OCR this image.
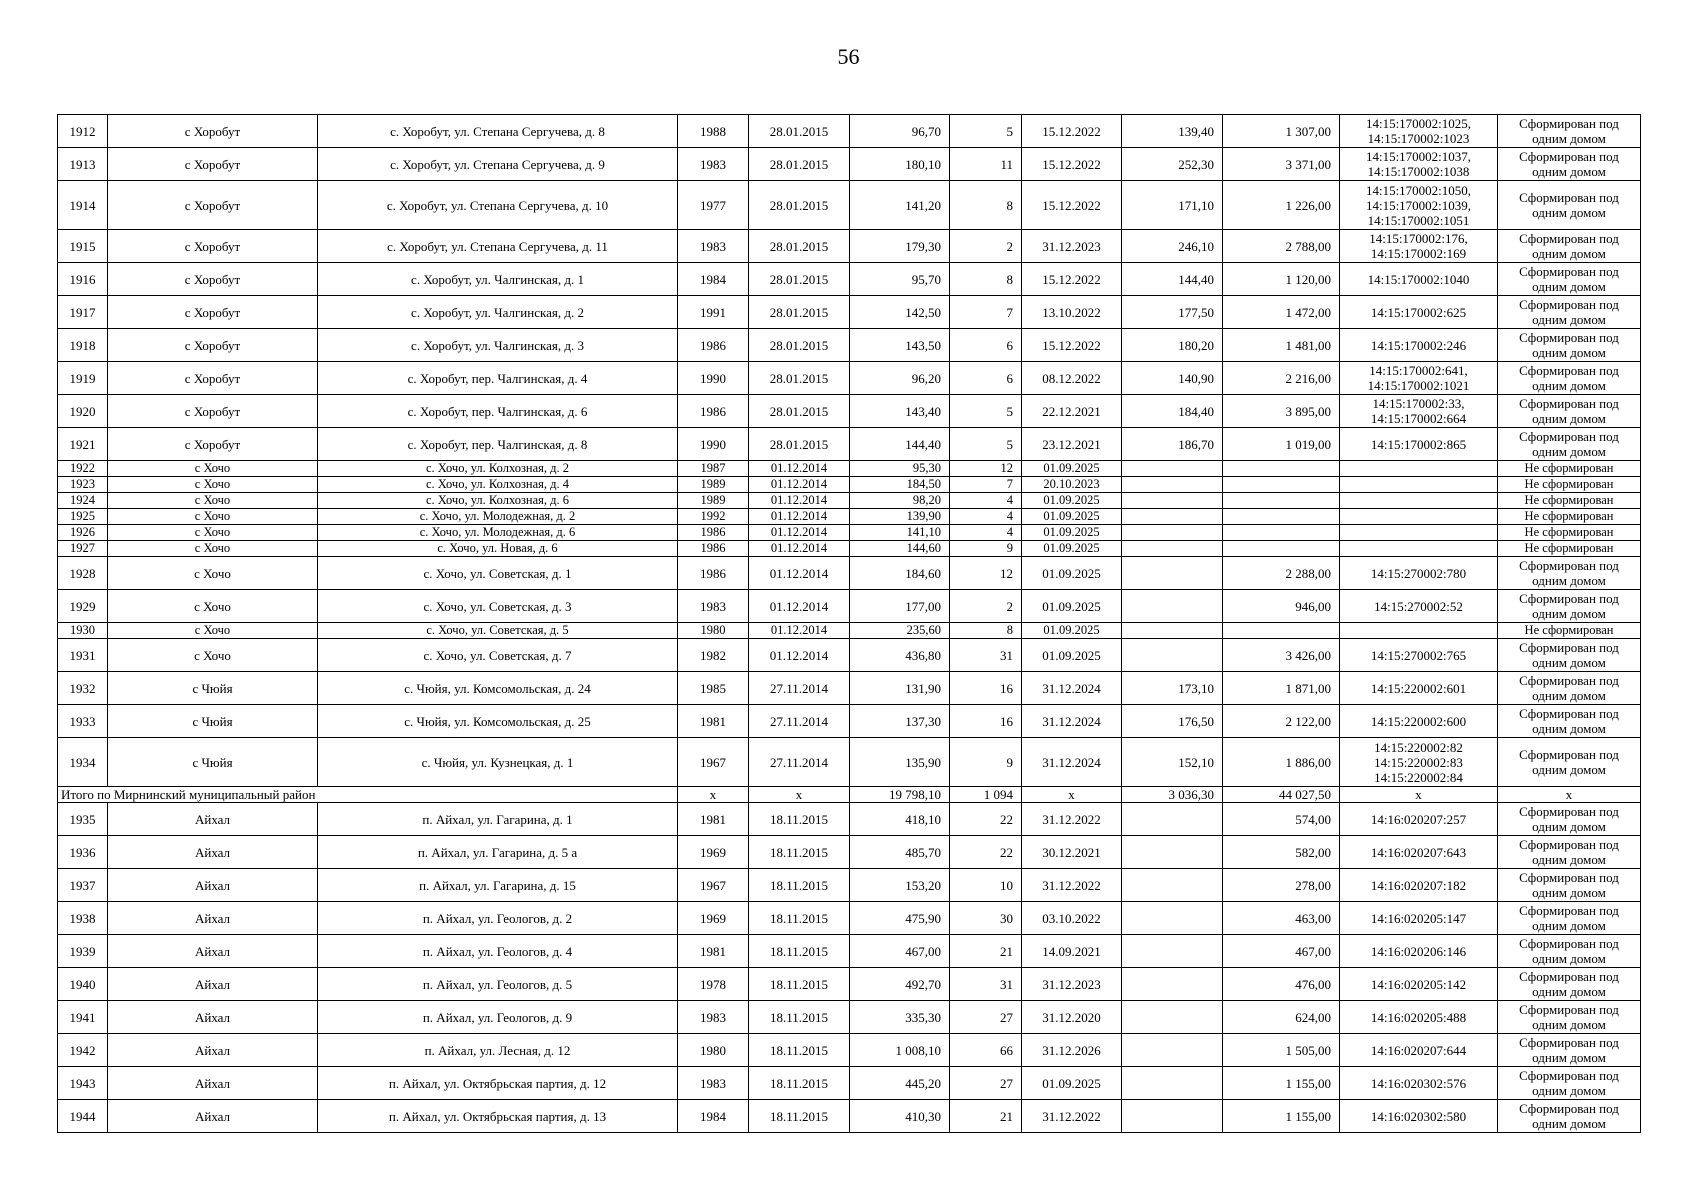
56
1912	с Хоробут	с. Хоробут, ул. Степана Сергучева, д. 8	1988	28.01.2015	96,70	5	15.12.2022	139,40	1 307,00	14:15:170002:1025, 14:15:170002:1023	Сформирован под одним домом
1913	с Хоробут	с. Хоробут, ул. Степана Сергучева, д. 9	1983	28.01.2015	180,10	11	15.12.2022	252,30	3 371,00	14:15:170002:1037, 14:15:170002:1038	Сформирован под одним домом
1914	с Хоробут	с. Хоробут, ул. Степана Сергучева, д. 10	1977	28.01.2015	141,20	8	15.12.2022	171,10	1 226,00	14:15:170002:1050, 14:15:170002:1039, 14:15:170002:1051	Сформирован под одним домом
1915	с Хоробут	с. Хоробут, ул. Степана Сергучева, д. 11	1983	28.01.2015	179,30	2	31.12.2023	246,10	2 788,00	14:15:170002:176, 14:15:170002:169	Сформирован под одним домом
1916	с Хоробут	с. Хоробут, ул. Чалгинская, д. 1	1984	28.01.2015	95,70	8	15.12.2022	144,40	1 120,00	14:15:170002:1040	Сформирован под одним домом
1917	с Хоробут	с. Хоробут, ул. Чалгинская, д. 2	1991	28.01.2015	142,50	7	13.10.2022	177,50	1 472,00	14:15:170002:625	Сформирован под одним домом
1918	с Хоробут	с. Хоробут, ул. Чалгинская, д. 3	1986	28.01.2015	143,50	6	15.12.2022	180,20	1 481,00	14:15:170002:246	Сформирован под одним домом
1919	с Хоробут	с. Хоробут, пер. Чалгинская, д. 4	1990	28.01.2015	96,20	6	08.12.2022	140,90	2 216,00	14:15:170002:641, 14:15:170002:1021	Сформирован под одним домом
1920	с Хоробут	с. Хоробут, пер. Чалгинская, д. 6	1986	28.01.2015	143,40	5	22.12.2021	184,40	3 895,00	14:15:170002:33, 14:15:170002:664	Сформирован под одним домом
1921	с Хоробут	с. Хоробут, пер. Чалгинская, д. 8	1990	28.01.2015	144,40	5	23.12.2021	186,70	1 019,00	14:15:170002:865	Сформирован под одним домом
1922	с Хочо	с. Хочо, ул. Колхозная, д. 2	1987	01.12.2014	95,30	12	01.09.2025				Не сформирован
1923	с Хочо	с. Хочо, ул. Колхозная, д. 4	1989	01.12.2014	184,50	7	20.10.2023				Не сформирован
1924	с Хочо	с. Хочо, ул. Колхозная, д. 6	1989	01.12.2014	98,20	4	01.09.2025				Не сформирован
1925	с Хочо	с. Хочо, ул. Молодежная, д. 2	1992	01.12.2014	139,90	4	01.09.2025				Не сформирован
1926	с Хочо	с. Хочо, ул. Молодежная, д. 6	1986	01.12.2014	141,10	4	01.09.2025				Не сформирован
1927	с Хочо	с. Хочо, ул. Новая, д. 6	1986	01.12.2014	144,60	9	01.09.2025				Не сформирован
1928	с Хочо	с. Хочо, ул. Советская, д. 1	1986	01.12.2014	184,60	12	01.09.2025		2 288,00	14:15:270002:780	Сформирован под одним домом
1929	с Хочо	с. Хочо, ул. Советская, д. 3	1983	01.12.2014	177,00	2	01.09.2025		946,00	14:15:270002:52	Сформирован под одним домом
1930	с Хочо	с. Хочо, ул. Советская, д. 5	1980	01.12.2014	235,60	8	01.09.2025				Не сформирован
1931	с Хочо	с. Хочо, ул. Советская, д. 7	1982	01.12.2014	436,80	31	01.09.2025		3 426,00	14:15:270002:765	Сформирован под одним домом
1932	с Чюйя	с. Чюйя, ул. Комсомольская, д. 24	1985	27.11.2014	131,90	16	31.12.2024	173,10	1 871,00	14:15:220002:601	Сформирован под одним домом
1933	с Чюйя	с. Чюйя, ул. Комсомольская, д. 25	1981	27.11.2014	137,30	16	31.12.2024	176,50	2 122,00	14:15:220002:600	Сформирован под одним домом
1934	с Чюйя	с. Чюйя, ул. Кузнецкая, д. 1	1967	27.11.2014	135,90	9	31.12.2024	152,10	1 886,00	14:15:220002:82 14:15:220002:83 14:15:220002:84	Сформирован под одним домом
Итого по Мирнинский муниципальный район			х	х	19 798,10	1 094	х	3 036,30	44 027,50	х	х
1935	Айхал	п. Айхал, ул. Гагарина, д. 1	1981	18.11.2015	418,10	22	31.12.2022		574,00	14:16:020207:257	Сформирован под одним домом
1936	Айхал	п. Айхал, ул. Гагарина, д. 5 а	1969	18.11.2015	485,70	22	30.12.2021		582,00	14:16:020207:643	Сформирован под одним домом
1937	Айхал	п. Айхал, ул. Гагарина, д. 15	1967	18.11.2015	153,20	10	31.12.2022		278,00	14:16:020207:182	Сформирован под одним домом
1938	Айхал	п. Айхал, ул. Геологов, д. 2	1969	18.11.2015	475,90	30	03.10.2022		463,00	14:16:020205:147	Сформирован под одним домом
1939	Айхал	п. Айхал, ул. Геологов, д. 4	1981	18.11.2015	467,00	21	14.09.2021		467,00	14:16:020206:146	Сформирован под одним домом
1940	Айхал	п. Айхал, ул. Геологов, д. 5	1978	18.11.2015	492,70	31	31.12.2023		476,00	14:16:020205:142	Сформирован под одним домом
1941	Айхал	п. Айхал, ул. Геологов, д. 9	1983	18.11.2015	335,30	27	31.12.2020		624,00	14:16:020205:488	Сформирован под одним домом
1942	Айхал	п. Айхал, ул. Лесная, д. 12	1980	18.11.2015	1 008,10	66	31.12.2026		1 505,00	14:16:020207:644	Сформирован под одним домом
1943	Айхал	п. Айхал, ул. Октябрьская партия, д. 12	1983	18.11.2015	445,20	27	01.09.2025		1 155,00	14:16:020302:576	Сформирован под одним домом
1944	Айхал	п. Айхал, ул. Октябрьская партия, д. 13	1984	18.11.2015	410,30	21	31.12.2022		1 155,00	14:16:020302:580	Сформирован под одним домом
